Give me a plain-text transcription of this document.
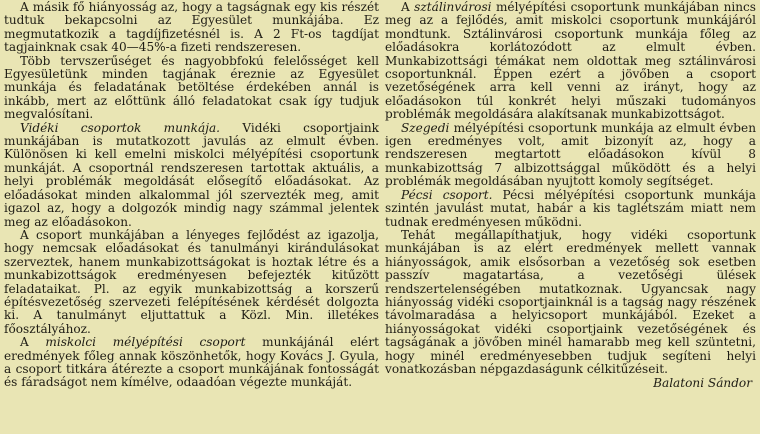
A másik fő hiányosság az, hogy a tagságnak egy kis részét tudtuk bekapcsolni az Egyesület munkájába. Ez megmutatkozik a tagdíjfizetésnél is. A 2 Ft-os tagdíjat tagjainknak csak 40—45%-a fizeti rendszeresen.

Több tervszerűséget és nagyobbfokú felelősséget kell Egyesületünk minden tagjának éreznie az Egyesület munkája és feladatának betöltése érdekében annál is inkább, mert az előttünk álló feladatokat csak így tudjuk megvalósítani.

Vidéki csoportok munkája. Vidéki csoportjaink munkájában is mutatkozott javulás az elmult évben. Különösen ki kell emelni miskolci mélyépítési csoportunk munkáját. A csoportnál rendszeresen tartottak aktuális, a helyi problémák megoldását elősegítő előadásokat. Az előadásokat minden alkalommal jól szervezték meg, amit igazol az, hogy a dolgozók mindig nagy számmal jelentek meg az előadásokon.

A csoport munkájában a lényeges fejlődést az igazolja, hogy nemcsak előadásokat és tanulmányi kirándulásokat szerveztek, hanem munkabizottságokat is hoztak létre és a munkabizottságok eredményesen befejezték kitűzött feladataikat. Pl. az egyik munkabizottság a korszerű építésvezetőség szervezeti felépítésének kérdését dolgozta ki. A tanulmányt eljuttattuk a Közl. Min. illetékes főosztályához.

A miskolci mélyépítési csoport munkájánál elért eredmények főleg annak köszönhetők, hogy Kovács J. Gyula, a csoport titkára átérezte a csoport munkájának fontosságát és fáradságot nem kímélve, odaadóan végezte munkáját.

A sztálinvárosi mélyépítési csoportunk munkájában nincs meg az a fejlődés, amit miskolci csoportunk munkájáról mondtunk. Sztálinvárosi csoportunk munkája főleg az előadásokra korlátozódott az elmult évben. Munkabizottsági témákat nem oldottak meg sztálinvárosi csoportunknál. Éppen ezért a jövőben a csoport vezetőségének arra kell venni az irányt, hogy az előadásokon túl konkrét helyi műszaki tudományos problémák megoldására alakítsanak munkabizottságot.

Szegedi mélyépítési csoportunk munkája az elmult évben igen eredményes volt, amit bizonyít az, hogy a rendszeresen megtartott előadásokon kívül 8 munkabizottság 7 albizottsággal működött és a helyi problémák megoldásában nyujtott komoly segítséget.

Pécsi csoport. Pécsi mélyépítési csoportunk munkája szintén javulást mutat, habár a kis taglétszám miatt nem tudnak eredményesen működni.

Tehát megállapíthatjuk, hogy vidéki csoportunk munkájában is az elért eredmények mellett vannak hiányosságok, amik elsősorban a vezetőség sok esetben passzív magatartása, a vezetőségi ülések rendszertelenségében mutatkoznak. Ugyancsak nagy hiányosság vidéki csoportjainknál is a tagság nagy részének távolmaradása a helyicsoport munkájából. Ezeket a hiányosságokat vidéki csoportjaink vezetőségének és tagságának a jövőben minél hamarabb meg kell szüntetni, hogy minél eredményesebben tudjuk segíteni helyi vonatkozásban népgazdaságunk célkitűzéseit.

Balatoni Sándor
